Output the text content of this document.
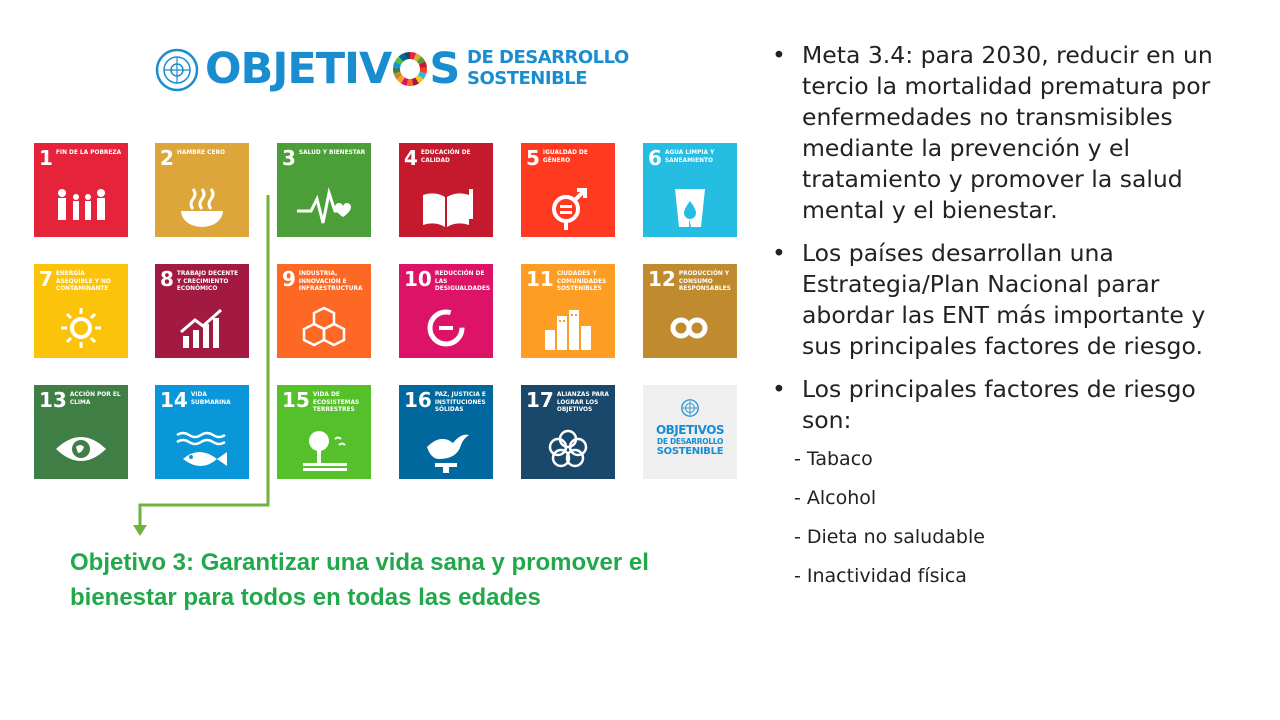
OBJETIV S DE DESARROLLO
SOSTENIBLE
1 FIN DE LA POBREZA 2 HAMBRE CERO	3 SALUD Y BIENESTAR 4 EDUCACIÓN DE CALIDAD	5 IGUALDAD DE GÉNERO	6 AGUA LIMPIA Y SANEAMIENTO
7 ENERGÍA ASEQUIBLE Y NO CONTAMINANTE	8 TRABAJO DECENTE Y CRECIMIENTO ECONÓMICO	9 INDUSTRIA, INNOVACIÓN E INFRAESTRUCTURA 10 REDUCCIÓN DE LAS DESIGUALDADES 11 CIUDADES Y COMUNIDADES SOSTENIBLES	12 PRODUCCIÓN Y CONSUMO RESPONSABLES
13 ACCIÓN POR EL CLIMA	14 VIDA SUBMARINA	15 VIDA DE ECOSISTEMAS TERRESTRES	16 PAZ, JUSTICIA E INSTITUCIONES SÓLIDAS	17 ALIANZAS PARA LOGRAR LOS OBJETIVOS
OBJETIVOS
DE DESARROLLO
SOSTENIBLE
Objetivo 3: Garantizar una vida sana y promover el bienestar para todos en todas las edades
• Meta 3.4: para 2030, reducir en un tercio la mortalidad prematura por enfermedades no transmisibles mediante la prevención y el tratamiento y promover la salud mental y el bienestar.
• Los países desarrollan una Estrategia/Plan Nacional parar abordar las ENT más importante y sus principales factores de riesgo.
• Los principales factores de riesgo son:
- Tabaco
- Alcohol
- Dieta no saludable
- Inactividad física
